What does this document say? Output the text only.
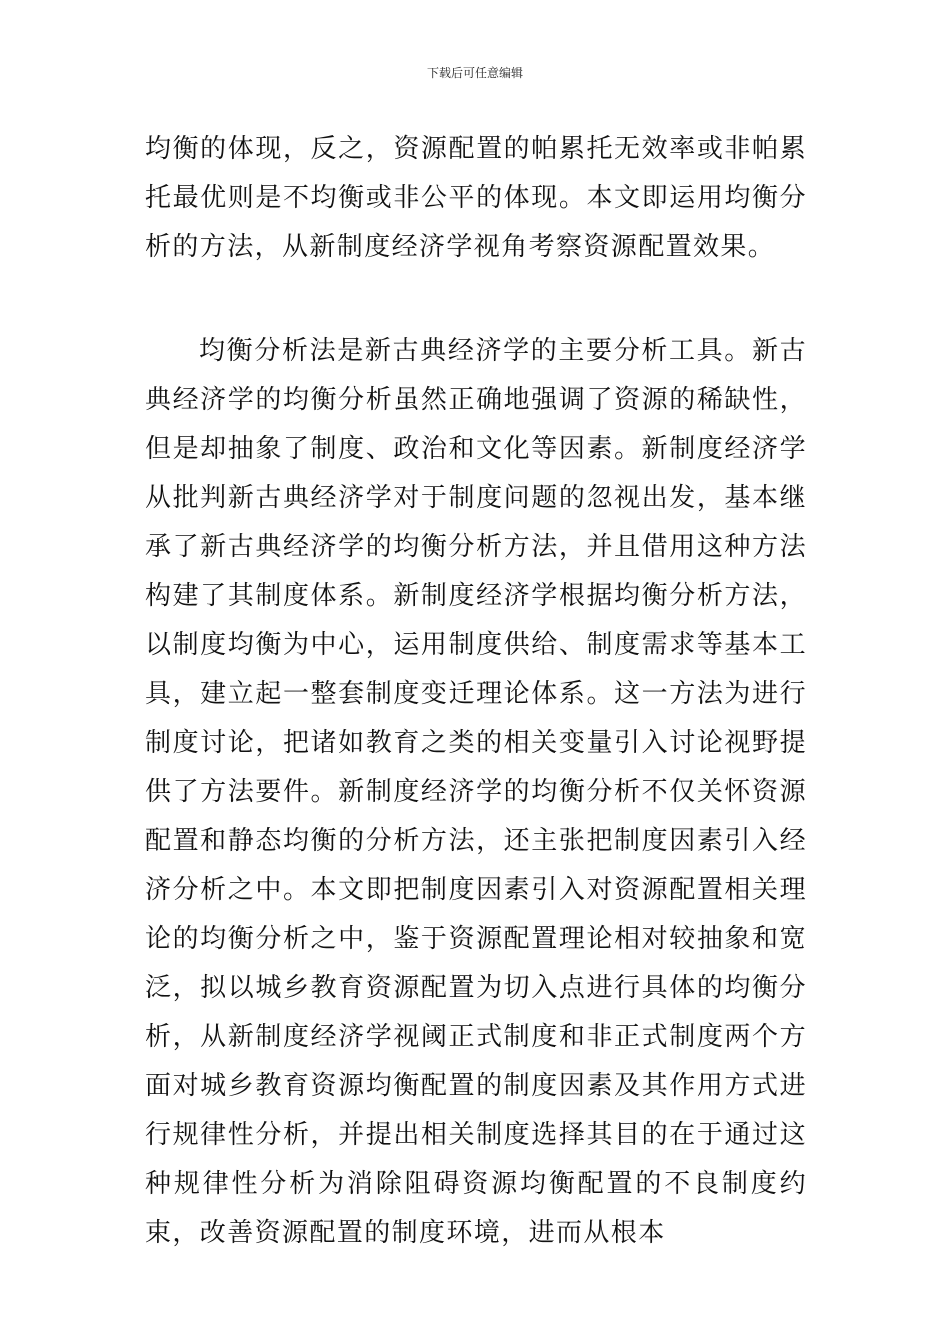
下载后可任意编辑

均衡的体现，反之，资源配置的帕累托无效率或非帕累托最优则是不均衡或非公平的体现。本文即运用均衡分析的方法，从新制度经济学视角考察资源配置效果。

均衡分析法是新古典经济学的主要分析工具。新古典经济学的均衡分析虽然正确地强调了资源的稀缺性，但是却抽象了制度、政治和文化等因素。新制度经济学从批判新古典经济学对于制度问题的忽视出发，基本继承了新古典经济学的均衡分析方法，并且借用这种方法构建了其制度体系。新制度经济学根据均衡分析方法，以制度均衡为中心，运用制度供给、制度需求等基本工具，建立起一整套制度变迁理论体系。这一方法为进行制度讨论，把诸如教育之类的相关变量引入讨论视野提供了方法要件。新制度经济学的均衡分析不仅关怀资源配置和静态均衡的分析方法，还主张把制度因素引入经济分析之中。本文即把制度因素引入对资源配置相关理论的均衡分析之中，鉴于资源配置理论相对较抽象和宽泛，拟以城乡教育资源配置为切入点进行具体的均衡分析，从新制度经济学视阈正式制度和非正式制度两个方面对城乡教育资源均衡配置的制度因素及其作用方式进行规律性分析，并提出相关制度选择其目的在于通过这种规律性分析为消除阻碍资源均衡配置的不良制度约束，改善资源配置的制度环境，进而从根本
